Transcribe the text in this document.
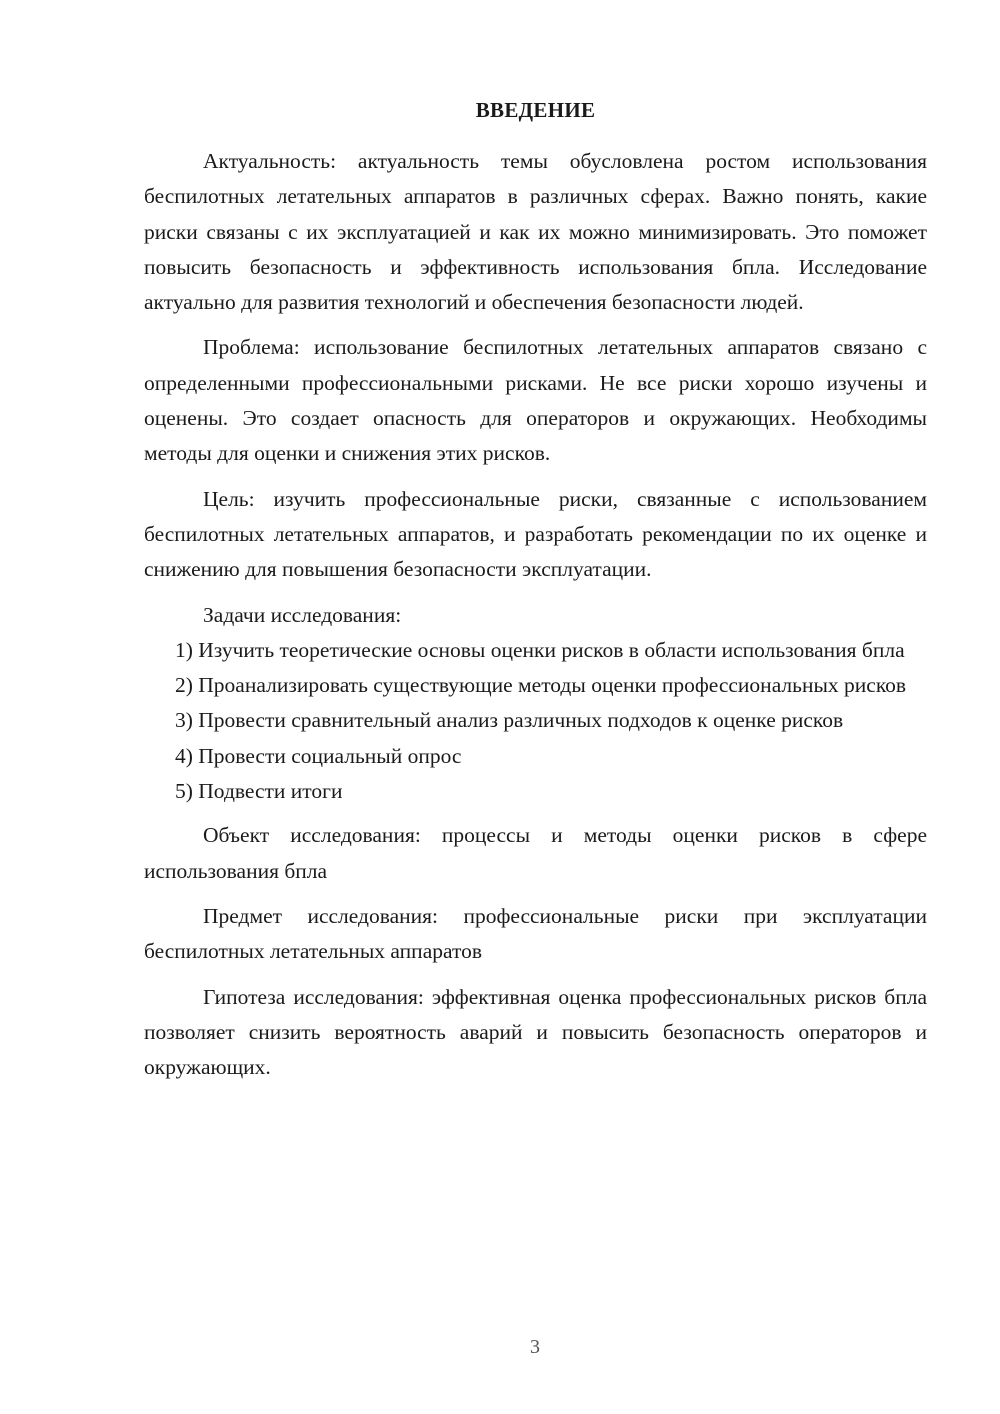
ВВЕДЕНИЕ

Актуальность: актуальность темы обусловлена ростом использования беспилотных летательных аппаратов в различных сферах. Важно понять, какие риски связаны с их эксплуатацией и как их можно минимизировать. Это поможет повысить безопасность и эффективность использования бпла. Исследование актуально для развития технологий и обеспечения безопасности людей.

Проблема: использование беспилотных летательных аппаратов связано с определенными профессиональными рисками. Не все риски хорошо изучены и оценены. Это создает опасность для операторов и окружающих. Необходимы методы для оценки и снижения этих рисков.

Цель: изучить профессиональные риски, связанные с использованием беспилотных летательных аппаратов, и разработать рекомендации по их оценке и снижению для повышения безопасности эксплуатации.

Задачи исследования:

1) Изучить теоретические основы оценки рисков в области использования бпла

2) Проанализировать существующие методы оценки профессиональных рисков

3) Провести сравнительный анализ различных подходов к оценке рисков

4) Провести социальный опрос

5) Подвести итоги

Объект исследования: процессы и методы оценки рисков в сфере использования бпла

Предмет исследования: профессиональные риски при эксплуатации беспилотных летательных аппаратов

Гипотеза исследования: эффективная оценка профессиональных рисков бпла позволяет снизить вероятность аварий и повысить безопасность операторов и окружающих.

3
